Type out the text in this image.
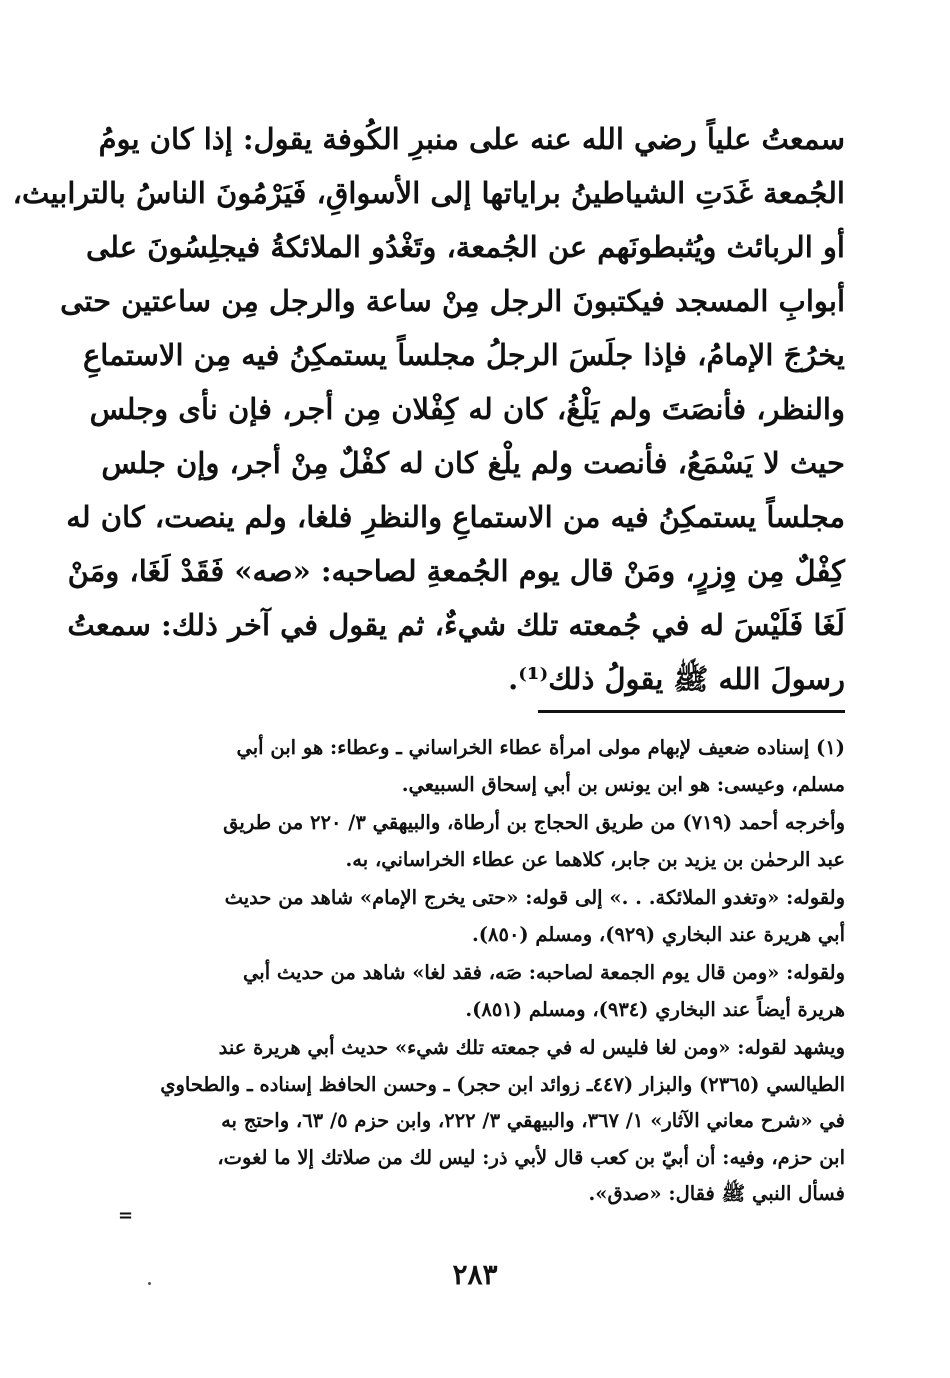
سمعتُ علياً رضي الله عنه على منبرِ الكُوفة يقول: إذا كان يومُ
الجُمعة غَدَتِ الشياطينُ براياتها إلى الأسواقِ، فَيَرْمُونَ الناسُ بالترابيث،
أو الربائث ويُثبطونَهم عن الجُمعة، وتَغْدُو الملائكةُ فيجلِسُونَ على
أبوابِ المسجد فيكتبونَ الرجل مِنْ ساعة والرجل مِن ساعتين حتى
يخرُجَ الإمامُ، فإذا جلَسَ الرجلُ مجلساً يستمكِنُ فيه مِن الاستماعِ
والنظر، فأنصَتَ ولم يَلْغُ، كان له كِفْلان مِن أجر، فإن نأى وجلس
حيث لا يَسْمَعُ، فأنصت ولم يلْغ كان له كفْلٌ مِنْ أجر، وإن جلس
مجلساً يستمكِنُ فيه من الاستماعِ والنظرِ فلغا، ولم ينصت، كان له
كِفْلٌ مِن وِزرٍ، ومَنْ قال يوم الجُمعةِ لصاحبه: «صه» فَقَدْ لَغَا، ومَنْ
لَغَا فَلَيْسَ له في جُمعته تلك شيءٌ، ثم يقول في آخر ذلك: سمعتُ
رسولَ الله ﷺ يقولُ ذلك⁽¹⁾.
(١) إسناده ضعيف لإبهام مولى امرأة عطاء الخراساني ـ وعطاء: هو ابن أبي
مسلم، وعيسى: هو ابن يونس بن أبي إسحاق السبيعي.
وأخرجه أحمد (٧١٩) من طريق الحجاج بن أرطاة، والبيهقي ٣/ ٢٢٠ من طريق
عبد الرحمٰن بن يزيد بن جابر، كلاهما عن عطاء الخراساني، به.
ولقوله: «وتغدو الملائكة. . .» إلى قوله: «حتى يخرج الإمام» شاهد من حديث
أبي هريرة عند البخاري (٩٢٩)، ومسلم (٨٥٠).
ولقوله: «ومن قال يوم الجمعة لصاحبه: صَه، فقد لغا» شاهد من حديث أبي
هريرة أيضاً عند البخاري (٩٣٤)، ومسلم (٨٥١).
ويشهد لقوله: «ومن لغا فليس له في جمعته تلك شيء» حديث أبي هريرة عند
الطيالسي (٢٣٦٥) والبزار (٤٤٧ـ زوائد ابن حجر) ـ وحسن الحافظ إسناده ـ والطحاوي
في «شرح معاني الآثار» ١/ ٣٦٧، والبيهقي ٣/ ٢٢٢، وابن حزم ٥/ ٦٣، واحتج به
ابن حزم، وفيه: أن أبيّ بن كعب قال لأبي ذر: ليس لك من صلاتك إلا ما لغوت،
فسأل النبي ﷺ فقال: «صدق».
=
٢٨٣
